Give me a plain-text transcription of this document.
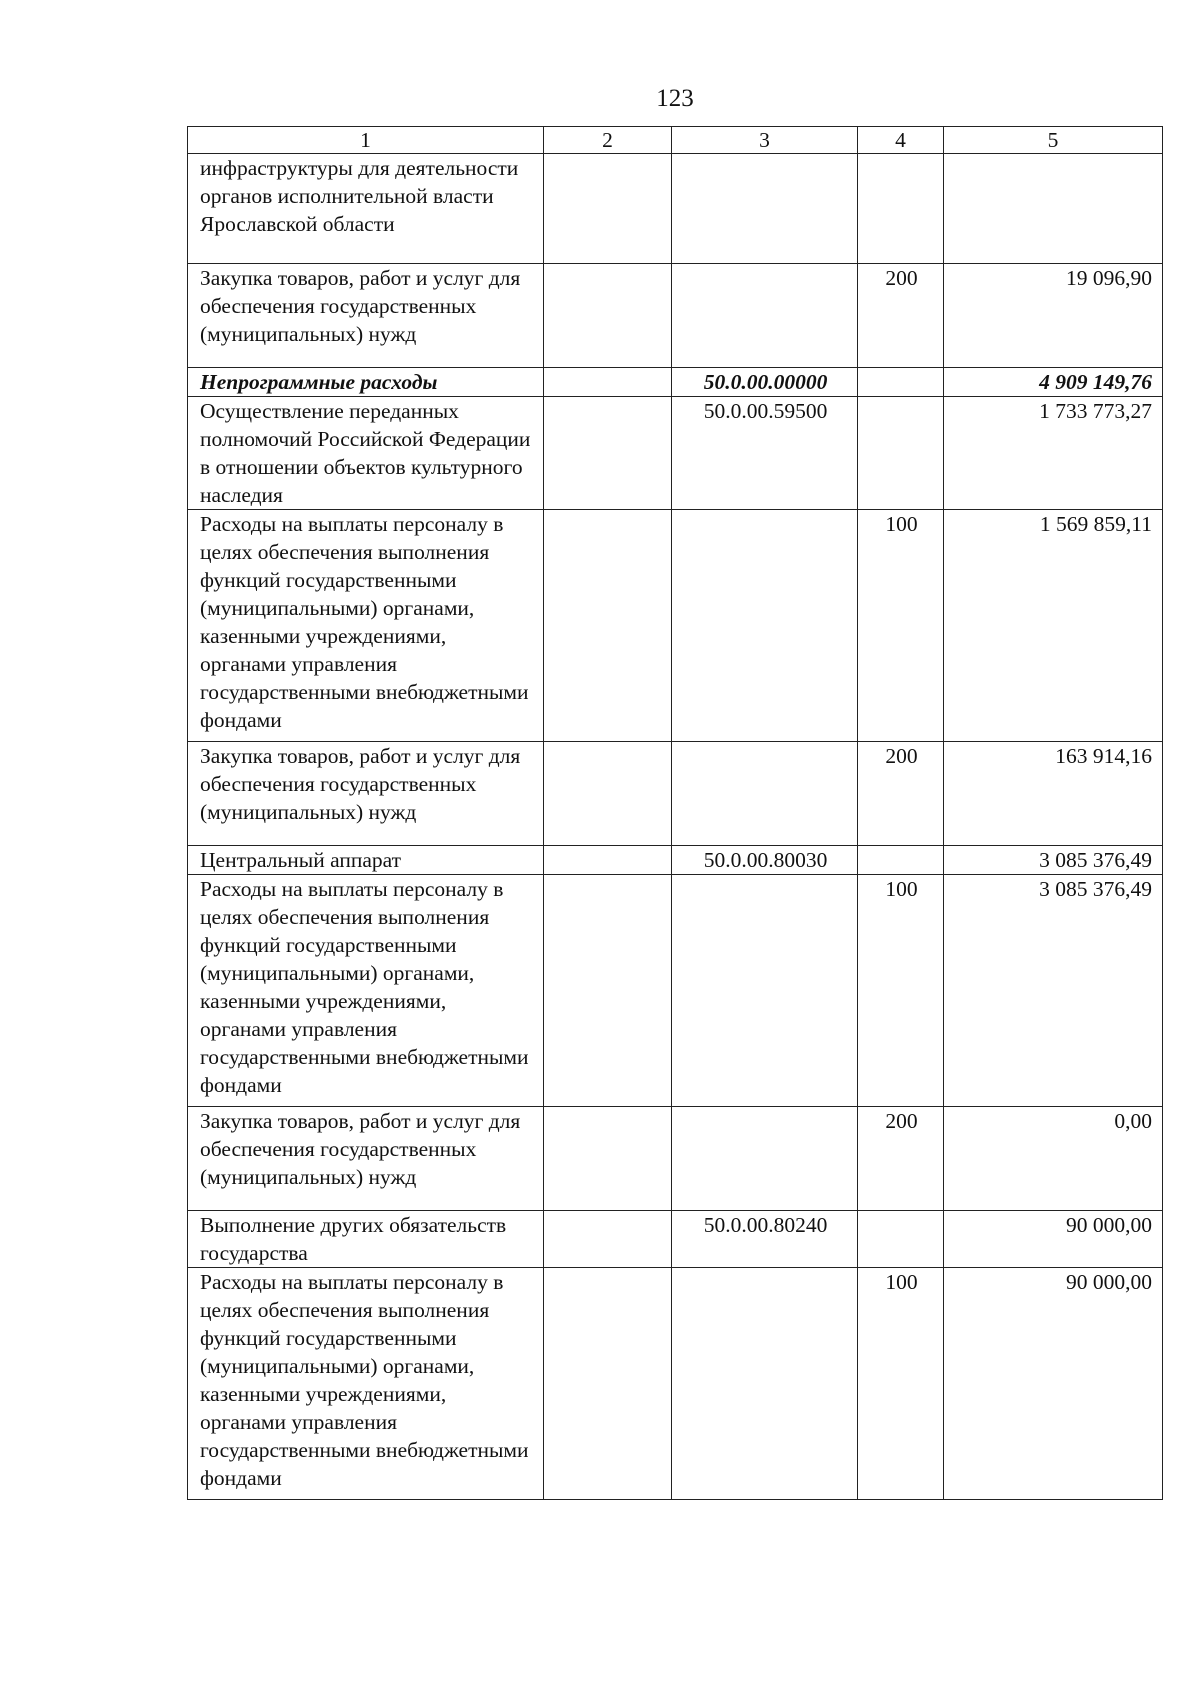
123
1	2	3	4	5
инфраструктуры для деятельности органов исполнительной власти Ярославской области				
Закупка товаров, работ и услуг для обеспечения государственных (муниципальных) нужд			200	19 096,90
Непрограммные расходы		50.0.00.00000		4 909 149,76
Осуществление переданных полномочий Российской Федерации в отношении объектов культурного наследия		50.0.00.59500		1 733 773,27
Расходы на выплаты персоналу в целях обеспечения выполнения функций государственными (муниципальными) органами, казенными учреждениями, органами управления государственными внебюджетными фондами			100	1 569 859,11
Закупка товаров, работ и услуг для обеспечения государственных (муниципальных) нужд			200	163 914,16
Центральный аппарат		50.0.00.80030		3 085 376,49
Расходы на выплаты персоналу в целях обеспечения выполнения функций государственными (муниципальными) органами, казенными учреждениями, органами управления государственными внебюджетными фондами			100	3 085 376,49
Закупка товаров, работ и услуг для обеспечения государственных (муниципальных) нужд			200	0,00
Выполнение других обязательств государства		50.0.00.80240		90 000,00
Расходы на выплаты персоналу в целях обеспечения выполнения функций государственными (муниципальными) органами, казенными учреждениями, органами управления государственными внебюджетными фондами			100	90 000,00
